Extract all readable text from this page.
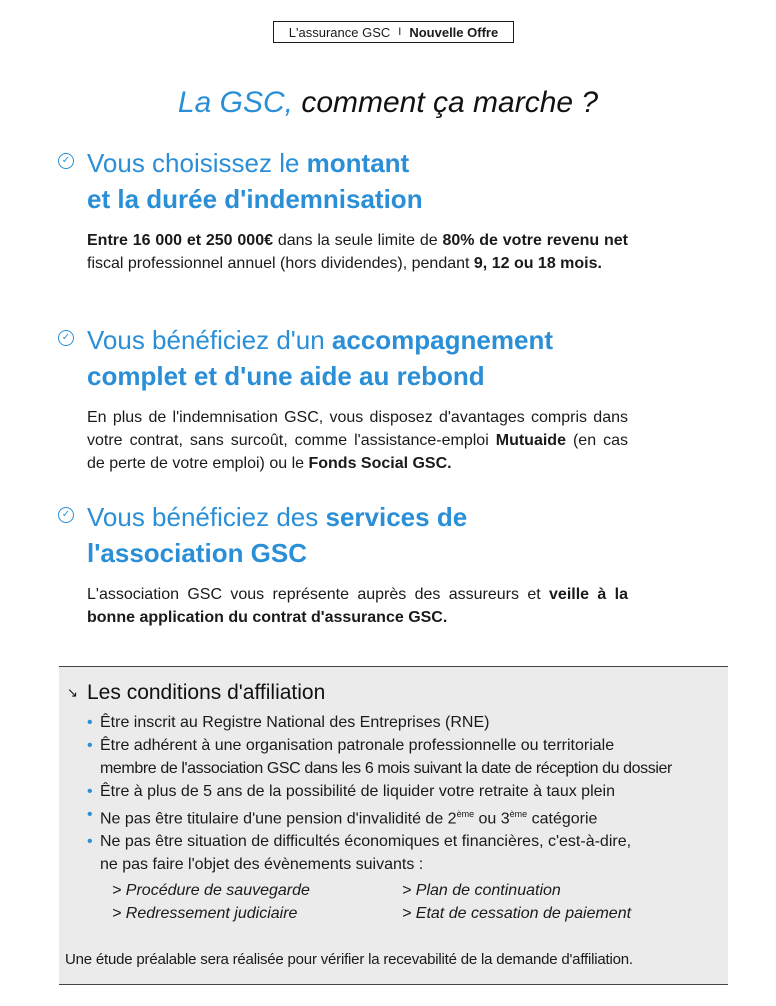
L'assurance GSC I Nouvelle Offre
La GSC, comment ça marche ?
✓ Vous choisissez le montant
et la durée d'indemnisation

Entre 16 000 et 250 000€ dans la seule limite de 80% de votre revenu net fiscal professionnel annuel (hors dividendes), pendant 9, 12 ou 18 mois.

✓ Vous bénéficiez d'un accompagnement
complet et d'une aide au rebond

En plus de l'indemnisation GSC, vous disposez d'avantages compris dans votre contrat, sans surcoût, comme l'assistance-emploi Mutuaide (en cas de perte de votre emploi) ou le Fonds Social GSC.

✓ Vous bénéficiez des services de
l'association GSC

L'association GSC vous représente auprès des assureurs et veille à la bonne application du contrat d'assurance GSC.

↘ Les conditions d'affiliation
• Être inscrit au Registre National des Entreprises (RNE)
• Être adhérent à une organisation patronale professionnelle ou territoriale
membre de l'association GSC dans les 6 mois suivant la date de réception du dossier
• Être à plus de 5 ans de la possibilité de liquider votre retraite à taux plein
• Ne pas être titulaire d'une pension d'invalidité de 2ème ou 3ème catégorie
• Ne pas être situation de difficultés économiques et financières, c'est-à-dire,
ne pas faire l'objet des évènements suivants :
> Procédure de sauvegarde	> Plan de continuation
> Redressement judiciaire	> Etat de cessation de paiement
Une étude préalable sera réalisée pour vérifier la recevabilité de la demande d'affiliation.
